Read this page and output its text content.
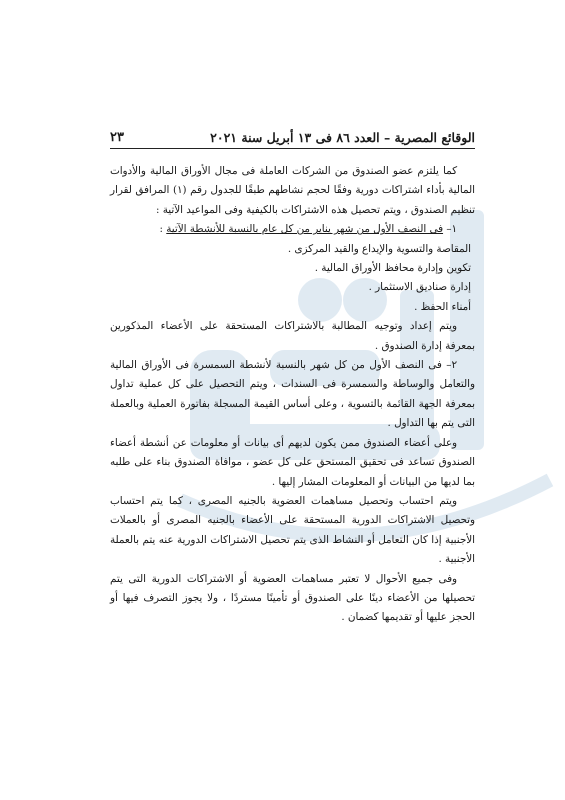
الوقائع المصرية – العدد ٨٦ فى ١٣ أبريل سنة ٢٠٢١
٢٣

كما يلتزم عضو الصندوق من الشركات العاملة فى مجال الأوراق المالية والأدوات المالية بأداء اشتراكات دورية وفقًا لحجم نشاطهم طبقًا للجدول رقم (١) المرافق لقرار تنظيم الصندوق ، ويتم تحصيل هذه الاشتراكات بالكيفية وفى المواعيد الآتية :

١– فى النصف الأول من شهر يناير من كل عام بالنسبة للأنشطة الآتية :

المقاصة والتسوية والإيداع والقيد المركزى .

تكوين وإدارة محافظ الأوراق المالية .

إدارة صناديق الاستثمار .

أمناء الحفظ .

ويتم إعداد وتوجيه المطالبة بالاشتراكات المستحقة على الأعضاء المذكورين بمعرفة إدارة الصندوق .

٢– فى النصف الأول من كل شهر بالنسبة لأنشطة السمسرة فى الأوراق المالية والتعامل والوساطة والسمسرة فى السندات ، ويتم التحصيل على كل عملية تداول بمعرفة الجهة القائمة بالتسوية ، وعلى أساس القيمة المسجلة بفاتورة العملية وبالعملة التى يتم بها التداول .

وعلى أعضاء الصندوق ممن يكون لديهم أى بيانات أو معلومات عن أنشطة أعضاء الصندوق تساعد فى تحقيق المستحق على كل عضو ، موافاة الصندوق بناء على طلبه بما لديها من البيانات أو المعلومات المشار إليها .

ويتم احتساب وتحصيل مساهمات العضوية بالجنيه المصرى ، كما يتم احتساب وتحصيل الاشتراكات الدورية المستحقة على الأعضاء بالجنيه المصرى أو بالعملات الأجنبية إذا كان التعامل أو النشاط الذى يتم تحصيل الاشتراكات الدورية عنه يتم بالعملة الأجنبية .

وفى جميع الأحوال لا تعتبر مساهمات العضوية أو الاشتراكات الدورية التى يتم تحصيلها من الأعضاء دينًا على الصندوق أو تأمينًا مستردًا ، ولا يجوز التصرف فيها أو الحجز عليها أو تقديمها كضمان .
